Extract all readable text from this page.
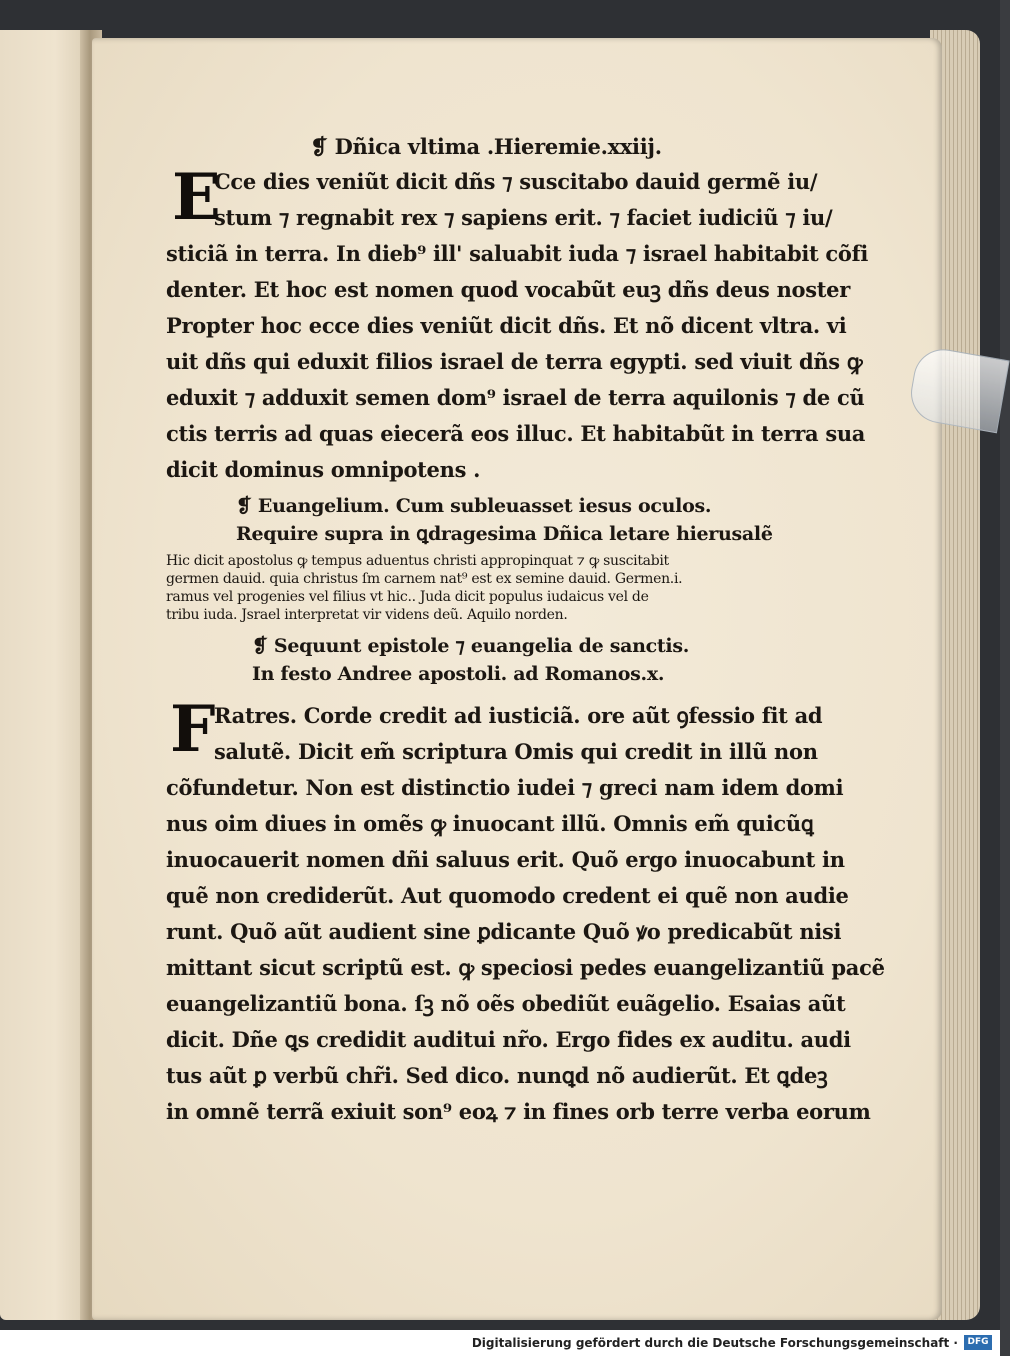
❡ Dñica vltima .Hieremie.xxiij.
E
Cce dies veniũt dicit dñs ⁊ suscitabo dauid germẽ iu/
stum ⁊ regnabit rex ⁊ sapiens erit. ⁊ faciet iudiciũ ⁊ iu/
sticiã in terra. In dieb⁹ ill' saluabit iuda ⁊ israel habitabit cõfi
denter. Et hoc est nomen quod vocabũt euꝫ dñs deus noster
Propter hoc ecce dies veniũt dicit dñs. Et nõ dicent vltra. vi
uit dñs qui eduxit filios israel de terra egypti. sed viuit dñs ꝙ
eduxit ⁊ adduxit semen dom⁹ israel de terra aquilonis ⁊ de cũ
ctis terris ad quas eiecerã eos illuc. Et habitabũt in terra sua
dicit dominus omnipotens .
❡ Euangelium. Cum subleuasset iesus oculos.
Require supra in ꝗdragesima Dñica letare hierusalẽ
Hic dicit apostolus ꝙ tempus aduentus christi appropinquat ⁊ ꝙ suscitabit
germen dauid. quia christus ſm carnem nat⁹ est ex semine dauid. Germen.i.
ramus vel progenies vel filius vt hic.. Juda dicit populus iudaicus vel de
tribu iuda. Jsrael interpretat vir videns deũ. Aquilo norden.
❡ Sequunt epistole ⁊ euangelia de sanctis.
In festo Andree apostoli. ad Romanos.x.
F
Ratres. Corde credit ad iusticiã. ore aũt ꝯfessio fit ad
salutẽ. Dicit em̃ scriptura Omis qui credit in illũ non
cõfundetur. Non est distinctio iudei ⁊ greci nam idem domi
nus oim diues in omẽs ꝙ inuocant illũ. Omnis em̃ quicũꝗ
inuocauerit nomen dñi saluus erit. Quõ ergo inuocabunt in
quẽ non crediderũt. Aut quomodo credent ei quẽ non audie
runt. Quõ aũt audient sine ꝑdicante Quõ ꝟo predicabũt nisi
mittant sicut scriptũ est. ꝙ speciosi pedes euangelizantiũ pacẽ
euangelizantiũ bona. ſꝫ nõ oẽs obediũt euãgelio. Esaias aũt
dicit. Dñe ꝗs credidit auditui nr̃o. Ergo fides ex auditu. audi
tus aũt ꝑ verbũ chr̃i. Sed dico. nunꝗd nõ audierũt. Et ꝗdeꝫ
in omnẽ terrã exiuit son⁹ eoꝝ ⁊ in fines orb terre verba eorum
Digitalisierung gefördert durch die Deutsche Forschungsgemeinschaft ·	DFG
